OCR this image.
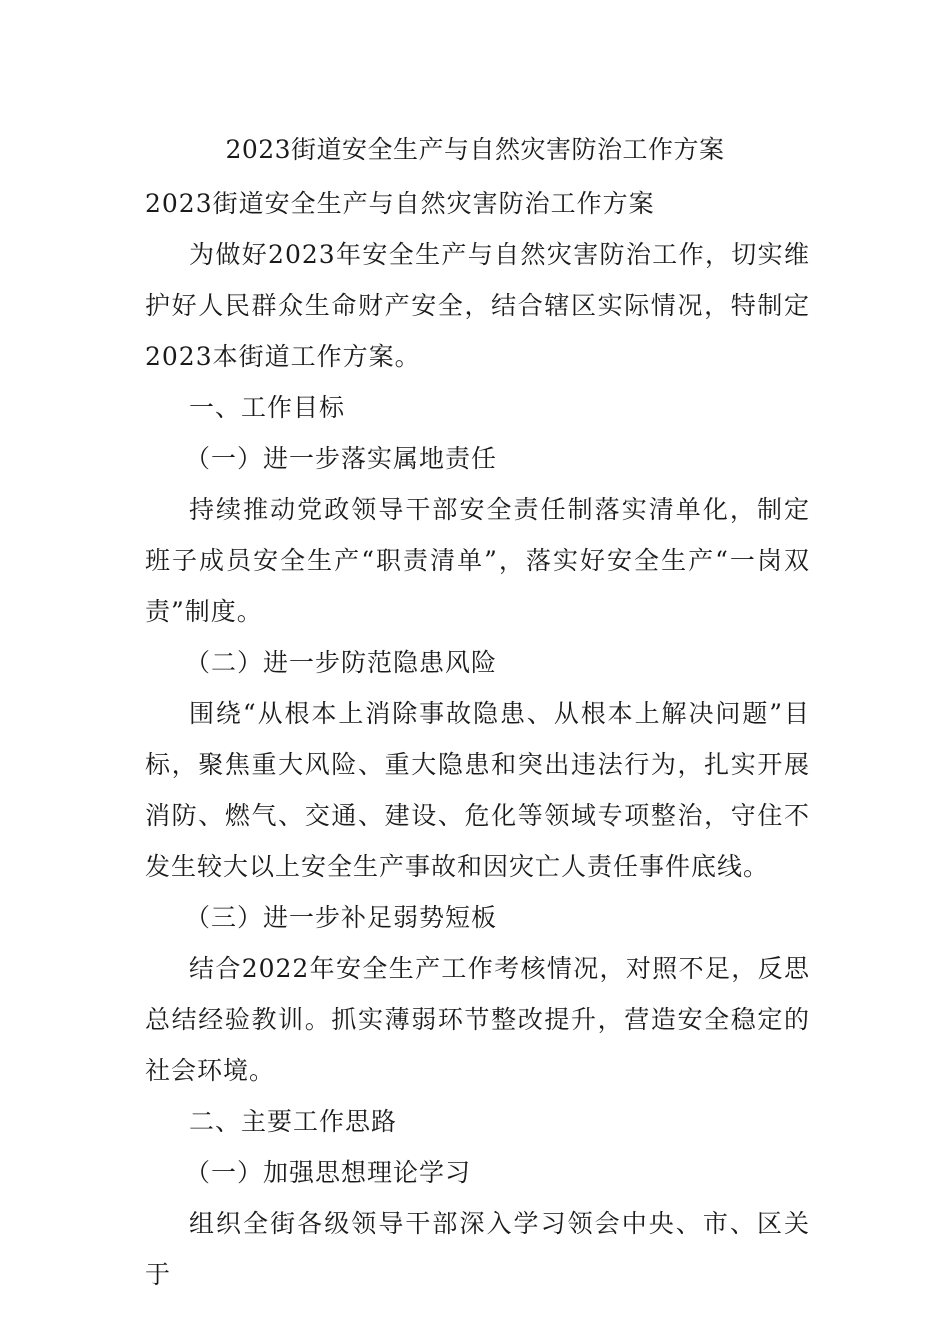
2023街道安全生产与自然灾害防治工作方案

2023街道安全生产与自然灾害防治工作方案

为做好2023年安全生产与自然灾害防治工作，切实维护好人民群众生命财产安全，结合辖区实际情况，特制定2023本街道工作方案。

一、工作目标

（一）进一步落实属地责任

持续推动党政领导干部安全责任制落实清单化，制定班子成员安全生产“职责清单”，落实好安全生产“一岗双责”制度。

（二）进一步防范隐患风险

围绕“从根本上消除事故隐患、从根本上解决问题”目标，聚焦重大风险、重大隐患和突出违法行为，扎实开展消防、燃气、交通、建设、危化等领域专项整治，守住不发生较大以上安全生产事故和因灾亡人责任事件底线。

（三）进一步补足弱势短板

结合2022年安全生产工作考核情况，对照不足，反思总结经验教训。抓实薄弱环节整改提升，营造安全稳定的社会环境。

二、主要工作思路

（一）加强思想理论学习

组织全街各级领导干部深入学习领会中央、市、区关于
